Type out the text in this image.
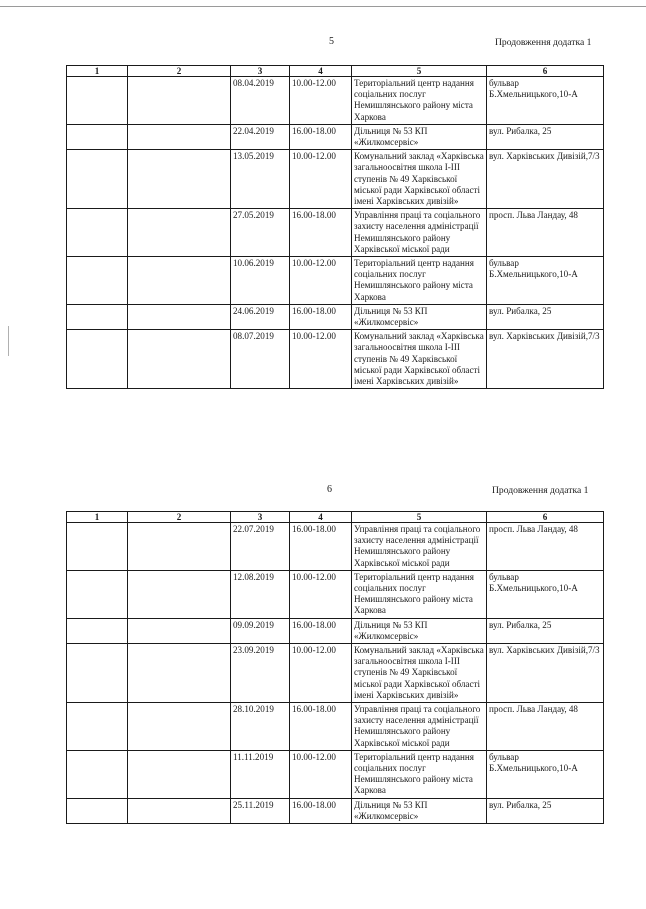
5	Продовження додатка 1
1	2	3	4	5	6
		08.04.2019	10.00-12.00	Територіальний центр надання соціальних послуг Немишлянського району міста Харкова	бульвар Б.Хмельницького,10-А
		22.04.2019	16.00-18.00	Дільниця № 53 КП «Жилкомсервіс»	вул. Рибалка, 25
		13.05.2019	10.00-12.00	Комунальний заклад «Харківська загальноосвітня школа І-ІІІ ступенів № 49 Харківської міської ради Харківської області імені Харківських дивізій»	вул. Харківських Дивізій,7/3
		27.05.2019	16.00-18.00	Управління праці та соціального захисту населення адміністрації Немишлянського району Харківської міської ради	просп. Льва Ландау, 48
		10.06.2019	10.00-12.00	Територіальний центр надання соціальних послуг Немишлянського району міста Харкова	бульвар Б.Хмельницького,10-А
		24.06.2019	16.00-18.00	Дільниця № 53 КП «Жилкомсервіс»	вул. Рибалка, 25
		08.07.2019	10.00-12.00	Комунальний заклад «Харківська загальноосвітня школа І-ІІІ ступенів № 49 Харківської міської ради Харківської області імені Харківських дивізій»	вул. Харківських Дивізій,7/3
6	Продовження додатка 1
1	2	3	4	5	6
		22.07.2019	16.00-18.00	Управління праці та соціального захисту населення адміністрації Немишлянського району Харківської міської ради	просп. Льва Ландау, 48
		12.08.2019	10.00-12.00	Територіальний центр надання соціальних послуг Немишлянського району міста Харкова	бульвар Б.Хмельницького,10-А
		09.09.2019	16.00-18.00	Дільниця № 53 КП «Жилкомсервіс»	вул. Рибалка, 25
		23.09.2019	10.00-12.00	Комунальний заклад «Харківська загальноосвітня школа І-ІІІ ступенів № 49 Харківської міської ради Харківської області імені Харківських дивізій»	вул. Харківських Дивізій,7/3
		28.10.2019	16.00-18.00	Управління праці та соціального захисту населення адміністрації Немишлянського району Харківської міської ради	просп. Льва Ландау, 48
		11.11.2019	10.00-12.00	Територіальний центр надання соціальних послуг Немишлянського району міста Харкова	бульвар Б.Хмельницького,10-А
		25.11.2019	16.00-18.00	Дільниця № 53 КП «Жилкомсервіс»	вул. Рибалка, 25
